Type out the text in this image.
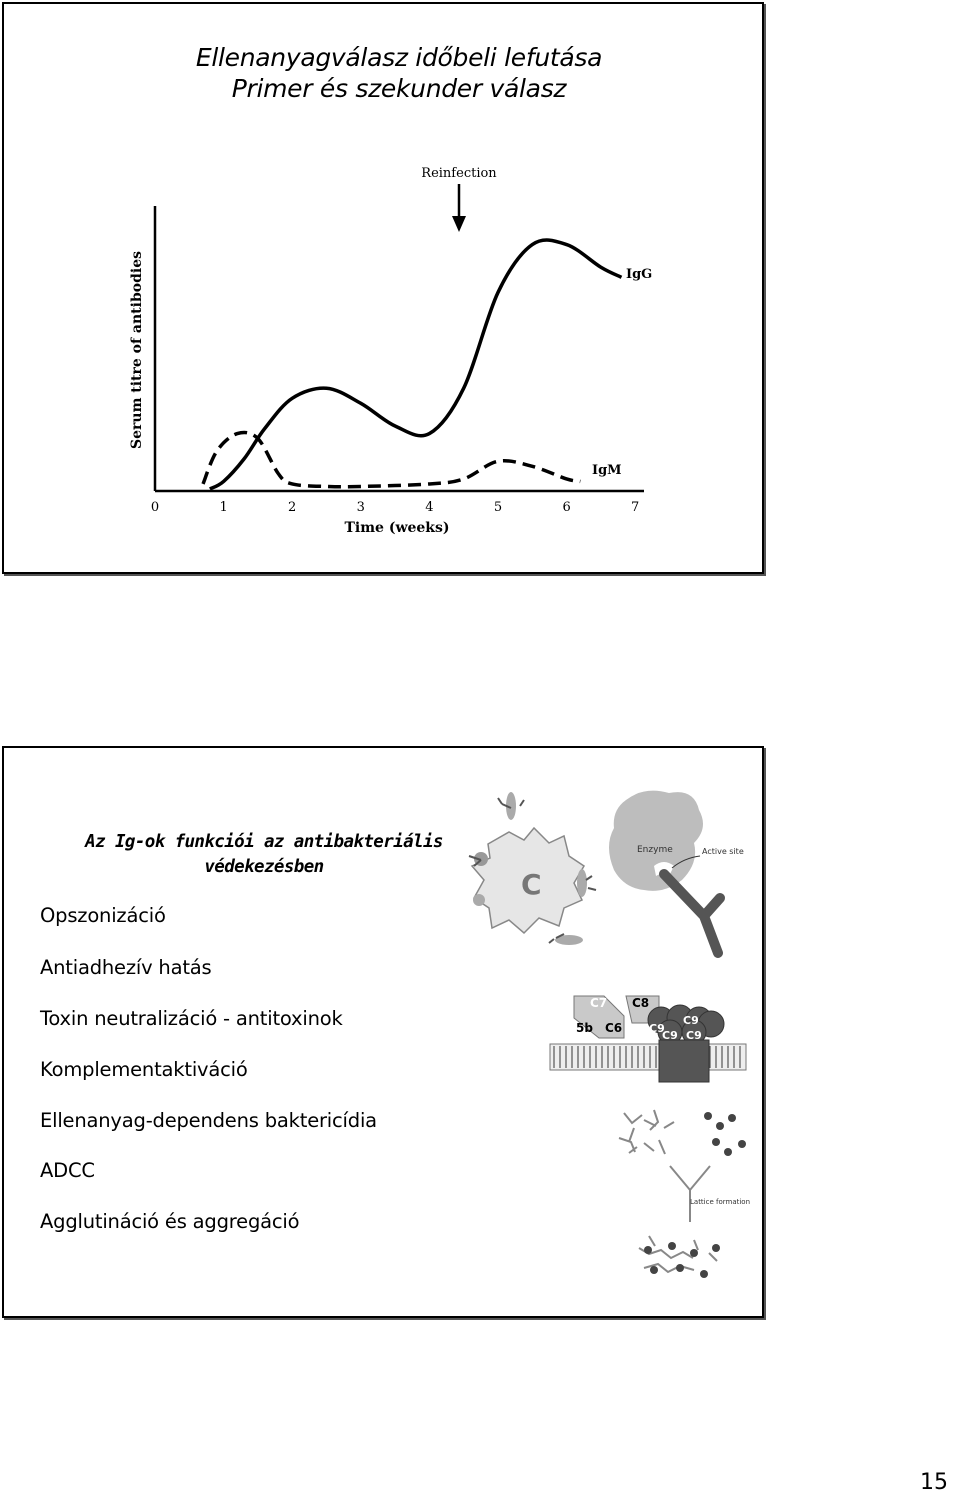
Ellenanyagválasz időbeli lefutása
Primer és szekunder válasz
0	1	2	3	4	5	6	7
Time (weeks)
Serum titre of antibodies
Reinfection
IgG
IgM
Az Ig-ok funkciói az antibakteriális
védekezésben
Opszonizáció
Antiadhezív hatás
Toxin neutralizáció - antitoxinok
Komplementaktiváció
Ellenanyag-dependens baktericídia
ADCC
Agglutináció és aggregáció
C
Enzyme	Active site
C7 C8
5b C6 C9
C9
C9 C9
Lattice formation
15
